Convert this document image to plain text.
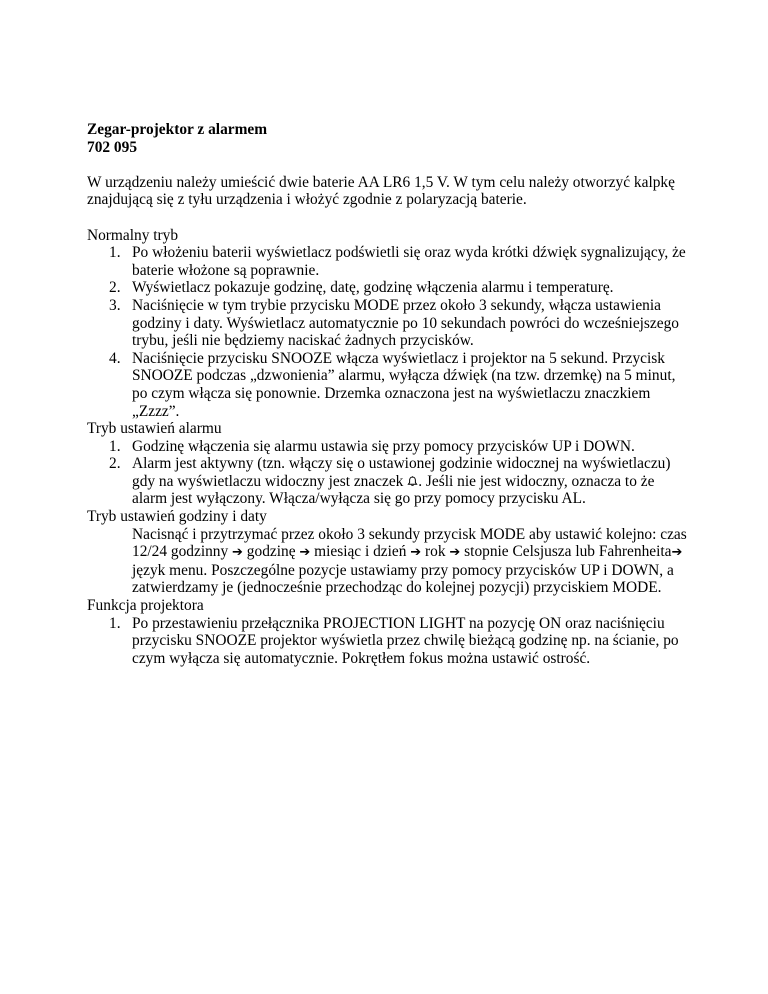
Zegar-projektor z alarmem
702 095
W urządzeniu należy umieścić dwie baterie AA LR6 1,5 V. W tym celu należy otworzyć kalpkę znajdującą się z tyłu urządzenia i włożyć zgodnie z polaryzacją baterie.
Normalny tryb
1. Po włożeniu baterii wyświetlacz podświetli się oraz wyda krótki dźwięk sygnalizujący, że baterie włożone są poprawnie.
2. Wyświetlacz pokazuje godzinę, datę, godzinę włączenia alarmu i temperaturę.
3. Naciśnięcie w tym trybie przycisku MODE przez około 3 sekundy, włącza ustawienia godziny i daty. Wyświetlacz automatycznie po 10 sekundach powróci do wcześniejszego trybu, jeśli nie będziemy naciskać żadnych przycisków.
4. Naciśnięcie przycisku SNOOZE włącza wyświetlacz i projektor na 5 sekund. Przycisk SNOOZE podczas „dzwonienia” alarmu, wyłącza dźwięk (na tzw. drzemkę) na 5 minut, po czym włącza się ponownie. Drzemka oznaczona jest na wyświetlaczu znaczkiem „Zzzz”.
Tryb ustawień alarmu
1. Godzinę włączenia się alarmu ustawia się przy pomocy przycisków UP i DOWN.
2. Alarm jest aktywny (tzn. włączy się o ustawionej godzinie widocznej na wyświetlaczu) gdy na wyświetlaczu widoczny jest znaczek . Jeśli nie jest widoczny, oznacza to że alarm jest wyłączony. Włącza/wyłącza się go przy pomocy przycisku AL.
Tryb ustawień godziny i daty
Nacisnąć i przytrzymać przez około 3 sekundy przycisk MODE aby ustawić kolejno: czas 12/24 godzinny ➔ godzinę ➔ miesiąc i dzień ➔ rok ➔ stopnie Celsjusza lub Fahrenheita➔ język menu. Poszczególne pozycje ustawiamy przy pomocy przycisków UP i DOWN, a zatwierdzamy je (jednocześnie przechodząc do kolejnej pozycji) przyciskiem MODE.
Funkcja projektora
1. Po przestawieniu przełącznika PROJECTION LIGHT na pozycję ON oraz naciśnięciu przycisku SNOOZE projektor wyświetla przez chwilę bieżącą godzinę np. na ścianie, po czym wyłącza się automatycznie. Pokrętłem fokus można ustawić ostrość.
